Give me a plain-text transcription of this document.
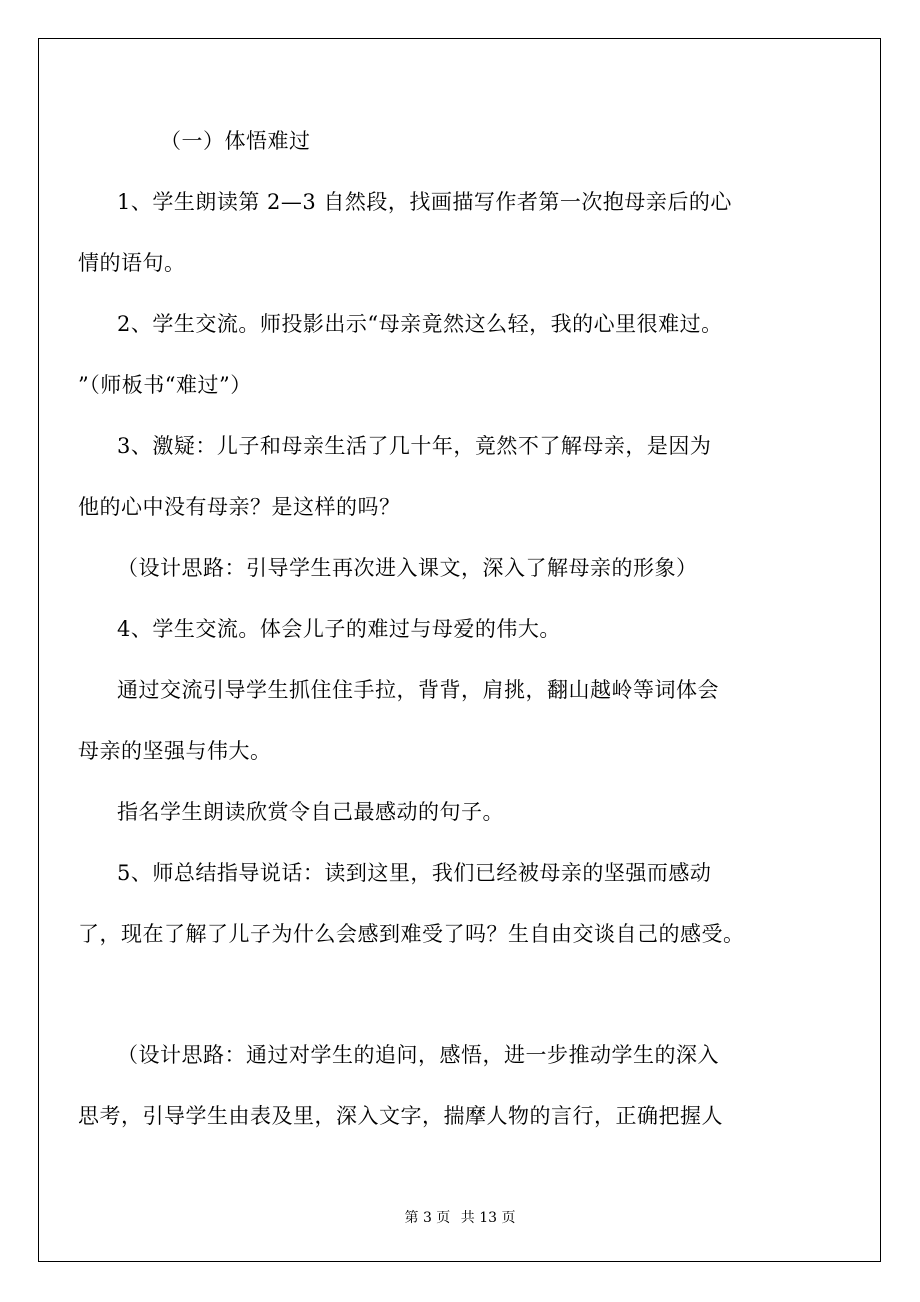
（一）体悟难过
1、学生朗读第 2—3 自然段，找画描写作者第一次抱母亲后的心
情的语句。
2、学生交流。师投影出示“母亲竟然这么轻，我的心里很难过。
”（师板书“难过”）
3、激疑：儿子和母亲生活了几十年，竟然不了解母亲，是因为
他的心中没有母亲？是这样的吗？
（设计思路：引导学生再次进入课文，深入了解母亲的形象）
4、学生交流。体会儿子的难过与母爱的伟大。
通过交流引导学生抓住住手拉，背背，肩挑，翻山越岭等词体会
母亲的坚强与伟大。
指名学生朗读欣赏令自己最感动的句子。
5、师总结指导说话：读到这里，我们已经被母亲的坚强而感动
了，现在了解了儿子为什么会感到难受了吗？生自由交谈自己的感受。
（设计思路：通过对学生的追问，感悟，进一步推动学生的深入
思考，引导学生由表及里，深入文字，揣摩人物的言行，正确把握人
第 3 页 共 13 页
